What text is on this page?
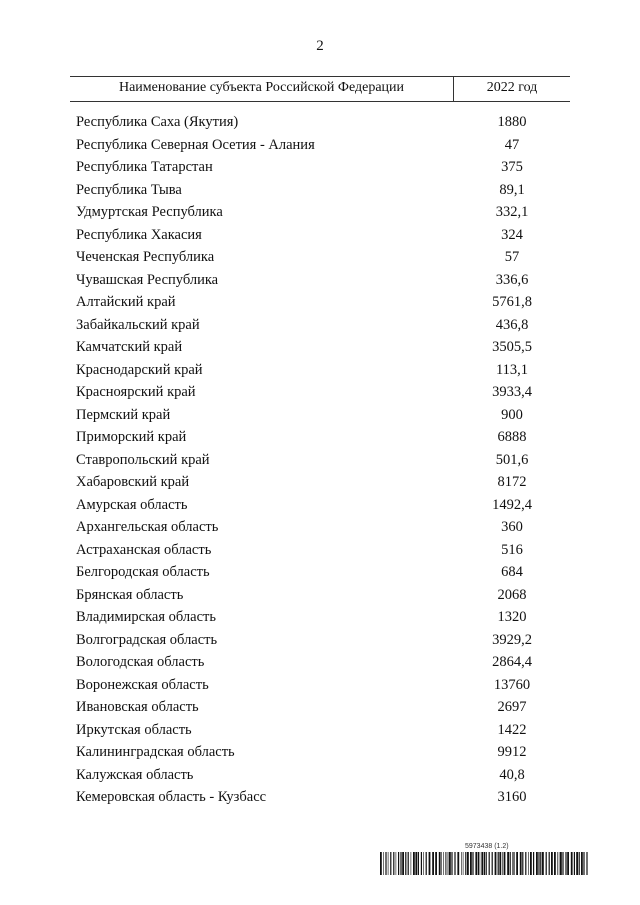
2
Наименование субъекта Российской Федерации	2022 год
Республика Саха (Якутия)	1880
Республика Северная Осетия - Алания	47
Республика Татарстан	375
Республика Тыва	89,1
Удмуртская Республика	332,1
Республика Хакасия	324
Чеченская Республика	57
Чувашская Республика	336,6
Алтайский край	5761,8
Забайкальский край	436,8
Камчатский край	3505,5
Краснодарский край	113,1
Красноярский край	3933,4
Пермский край	900
Приморский край	6888
Ставропольский край	501,6
Хабаровский край	8172
Амурская область	1492,4
Архангельская область	360
Астраханская область	516
Белгородская область	684
Брянская область	2068
Владимирская область	1320
Волгоградская область	3929,2
Вологодская область	2864,4
Воронежская область	13760
Ивановская область	2697
Иркутская область	1422
Калининградская область	9912
Калужская область	40,8
Кемеровская область - Кузбасс	3160
5973438 (1.2)
